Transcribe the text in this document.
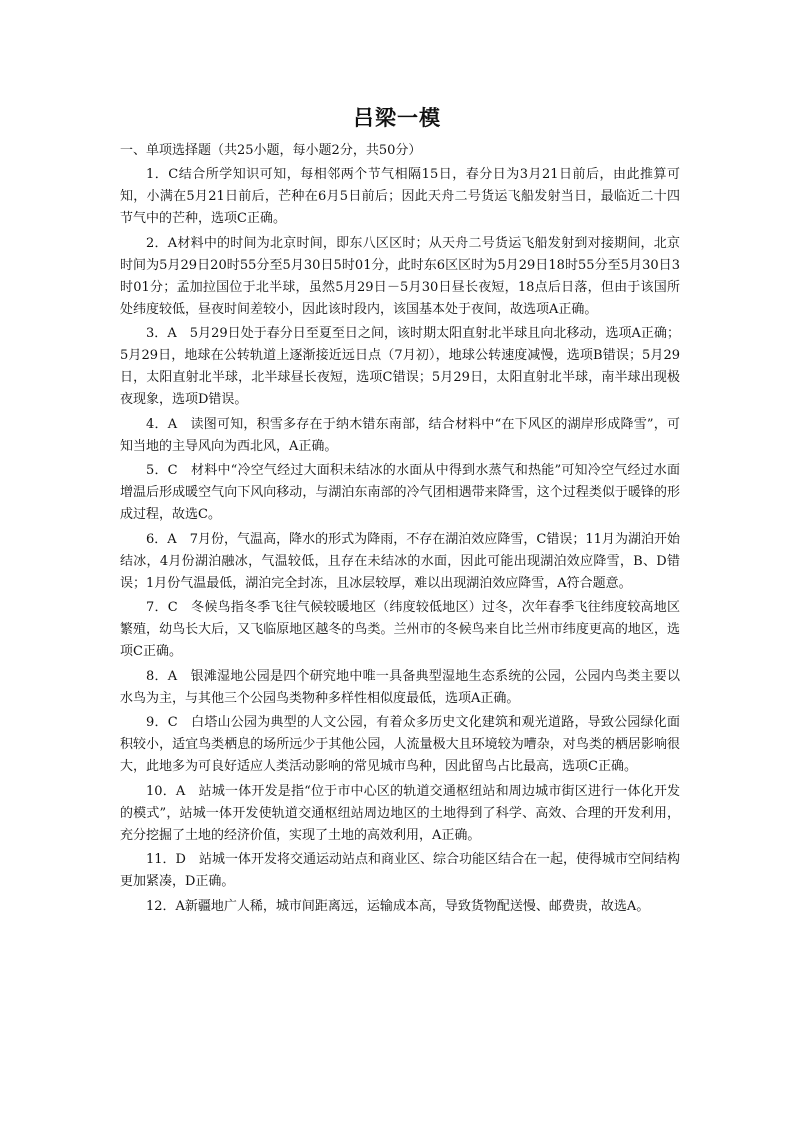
吕梁一模
一、单项选择题（共25小题，每小题2分，共50分）

1．C结合所学知识可知，每相邻两个节气相隔15日，春分日为3月21日前后，由此推算可知，小满在5月21日前后，芒种在6月5日前后；因此天舟二号货运飞船发射当日，最临近二十四节气中的芒种，选项C正确。

2．A材料中的时间为北京时间，即东八区区时；从天舟二号货运飞船发射到对接期间，北京时间为5月29日20时55分至5月30日5时01分，此时东6区区时为5月29日18时55分至5月30日3时01分；孟加拉国位于北半球，虽然5月29日－5月30日昼长夜短，18点后日落，但由于该国所处纬度较低，昼夜时间差较小，因此该时段内，该国基本处于夜间，故选项A正确。

3．A　5月29日处于春分日至夏至日之间，该时期太阳直射北半球且向北移动，选项A正确；5月29日，地球在公转轨道上逐渐接近远日点（7月初），地球公转速度减慢，选项B错误；5月29日，太阳直射北半球，北半球昼长夜短，选项C错误；5月29日，太阳直射北半球，南半球出现极夜现象，选项D错误。

4．A　读图可知，积雪多存在于纳木错东南部，结合材料中“在下风区的湖岸形成降雪”，可知当地的主导风向为西北风，A正确。

5．C　材料中“冷空气经过大面积未结冰的水面从中得到水蒸气和热能”可知冷空气经过水面增温后形成暖空气向下风向移动，与湖泊东南部的冷气团相遇带来降雪，这个过程类似于暖锋的形成过程，故选C。

6．A　7月份，气温高，降水的形式为降雨，不存在湖泊效应降雪，C错误；11月为湖泊开始结冰，4月份湖泊融冰，气温较低，且存在未结冰的水面，因此可能出现湖泊效应降雪，B、D错误；1月份气温最低，湖泊完全封冻，且冰层较厚，难以出现湖泊效应降雪，A符合题意。

7．C　冬候鸟指冬季飞往气候较暖地区（纬度较低地区）过冬，次年春季飞往纬度较高地区繁殖，幼鸟长大后，又飞临原地区越冬的鸟类。兰州市的冬候鸟来自比兰州市纬度更高的地区，选项C正确。

8．A　银滩湿地公园是四个研究地中唯一具备典型湿地生态系统的公园，公园内鸟类主要以水鸟为主，与其他三个公园鸟类物种多样性相似度最低，选项A正确。

9．C　白塔山公园为典型的人文公园，有着众多历史文化建筑和观光道路，导致公园绿化面积较小，适宜鸟类栖息的场所远少于其他公园，人流量极大且环境较为嘈杂，对鸟类的栖居影响很大，此地多为可良好适应人类活动影响的常见城市鸟种，因此留鸟占比最高，选项C正确。

10．A　站城一体开发是指“位于市中心区的轨道交通枢纽站和周边城市街区进行一体化开发的模式”，站城一体开发使轨道交通枢纽站周边地区的土地得到了科学、高效、合理的开发利用，充分挖掘了土地的经济价值，实现了土地的高效利用，A正确。

11．D　站城一体开发将交通运动站点和商业区、综合功能区结合在一起，使得城市空间结构更加紧凑，D正确。

12．A新疆地广人稀，城市间距离远，运输成本高，导致货物配送慢、邮费贵，故选A。
